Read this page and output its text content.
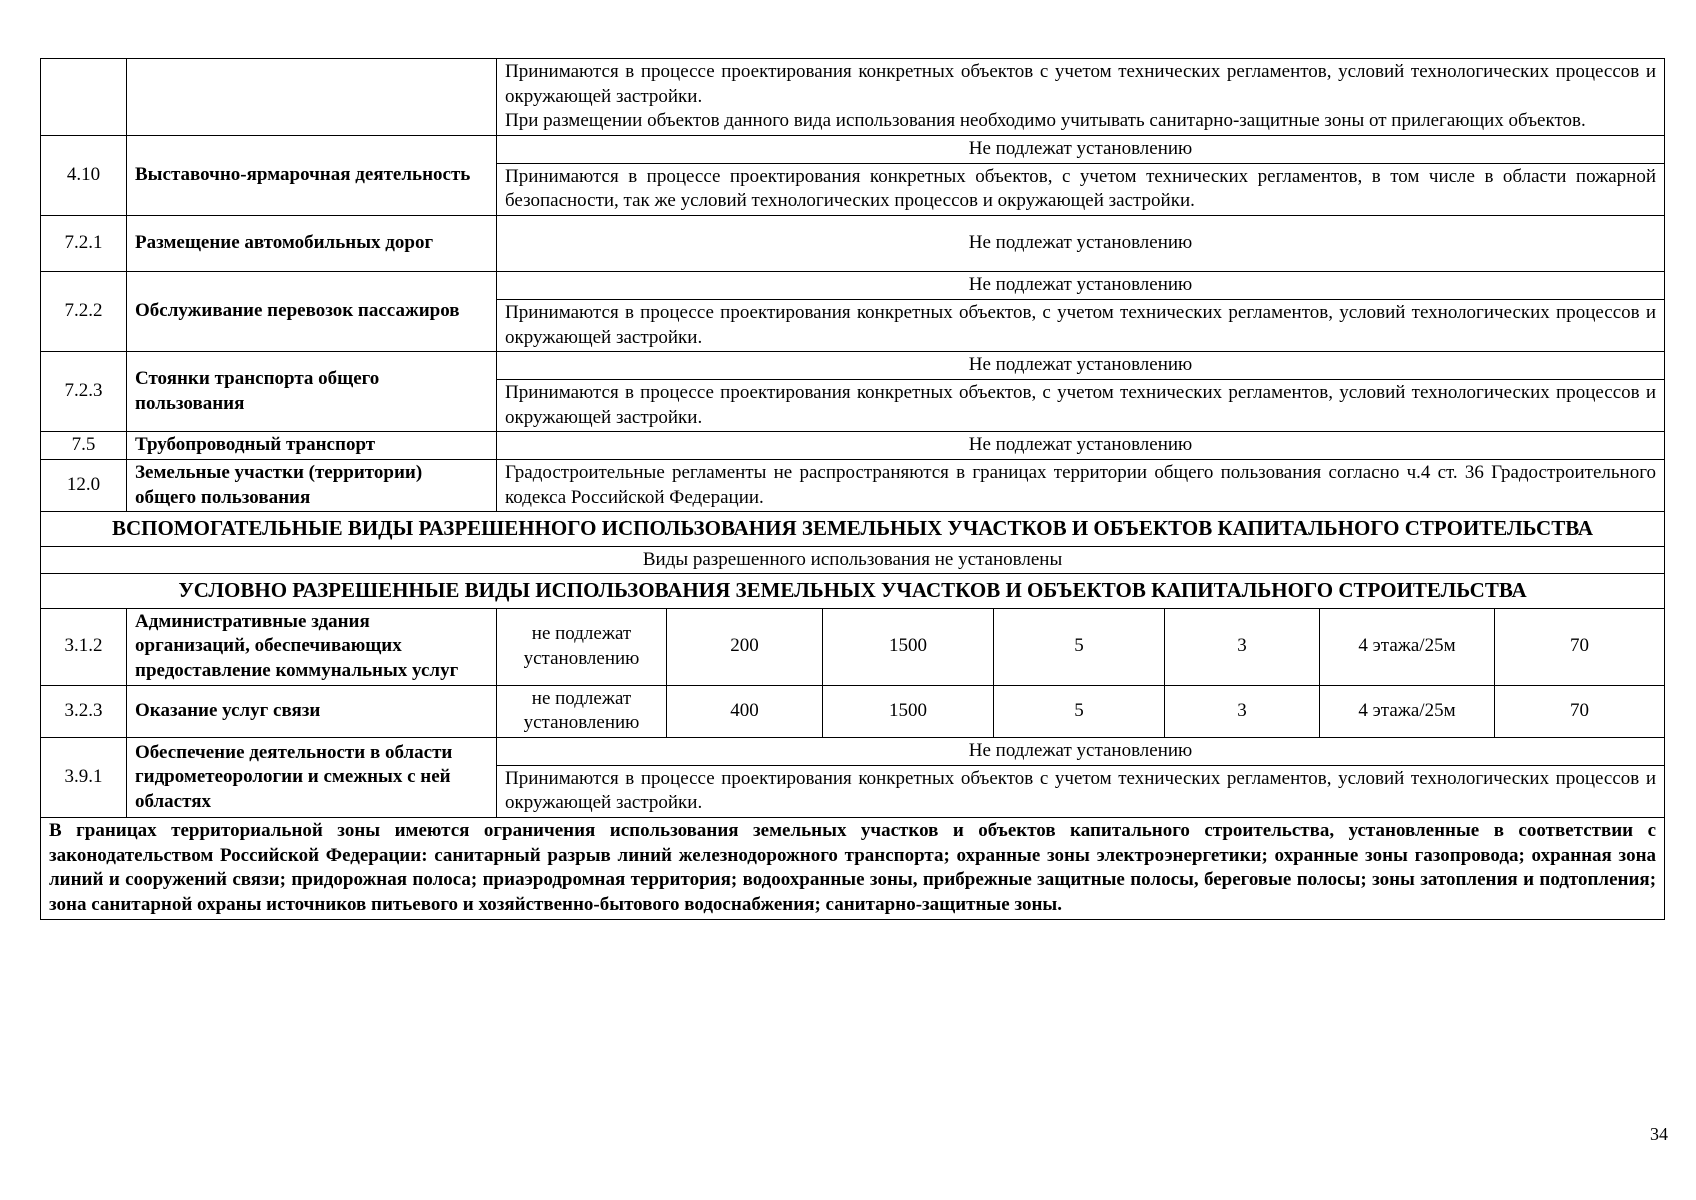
		Принимаются в процессе проектирования конкретных объектов с учетом технических регламентов, условий технологических процессов и окружающей застройки.
При размещении объектов данного вида использования необходимо учитывать санитарно-защитные зоны от прилегающих объектов.						

4.10	Выставочно-ярмарочная деятельность	Не подлежат установлению						
		Принимаются в процессе проектирования конкретных объектов, с учетом технических регламентов, в том числе в области пожарной безопасности, так же условий технологических процессов и окружающей застройки.						
7.2.1	Размещение автомобильных дорог	Не подлежат установлению						
7.2.2	Обслуживание перевозок пассажиров	Не подлежат установлению						
		Принимаются в процессе проектирования конкретных объектов, с учетом технических регламентов, условий технологических процессов и окружающей застройки.						
7.2.3	Стоянки транспорта общего пользования	Не подлежат установлению						
		Принимаются в процессе проектирования конкретных объектов, с учетом технических регламентов, условий технологических процессов и окружающей застройки.						
7.5	Трубопроводный транспорт	Не подлежат установлению						
12.0	Земельные участки (территории) общего пользования	Градостроительные регламенты не распространяются в границах территории общего пользования согласно ч.4 ст. 36 Градостроительного кодекса Российской Федерации.						
ВСПОМОГАТЕЛЬНЫЕ ВИДЫ РАЗРЕШЕННОГО ИСПОЛЬЗОВАНИЯ ЗЕМЕЛЬНЫХ УЧАСТКОВ И ОБЪЕКТОВ КАПИТАЛЬНОГО СТРОИТЕЛЬСТВА								
Виды разрешенного использования не установлены								
УСЛОВНО РАЗРЕШЕННЫЕ ВИДЫ ИСПОЛЬЗОВАНИЯ ЗЕМЕЛЬНЫХ УЧАСТКОВ И ОБЪЕКТОВ КАПИТАЛЬНОГО СТРОИТЕЛЬСТВА								
3.1.2	Административные здания организаций, обеспечивающих предоставление коммунальных услуг	не подлежат установлению	200	1500	5	3	4 этажа/25м	70
3.2.3	Оказание услуг связи	не подлежат установлению	400	1500	5	3	4 этажа/25м	70
3.9.1	Обеспечение деятельности в области гидрометеорологии и смежных с ней областях	Не подлежат установлению						
		Принимаются в процессе проектирования конкретных объектов с учетом технических регламентов, условий технологических процессов и окружающей застройки.						
В границах территориальной зоны имеются ограничения использования земельных участков и объектов капитального строительства, установленные в соответствии с законодательством Российской Федерации: санитарный разрыв линий железнодорожного транспорта; охранные зоны электроэнергетики; охранные зоны газопровода; охранная зона линий и сооружений связи; придорожная полоса; приаэродромная территория; водоохранные зоны, прибрежные защитные полосы, береговые полосы; зоны затопления и подтопления; зона санитарной охраны источников питьевого и хозяйственно-бытового водоснабжения; санитарно-защитные зоны.								
34
